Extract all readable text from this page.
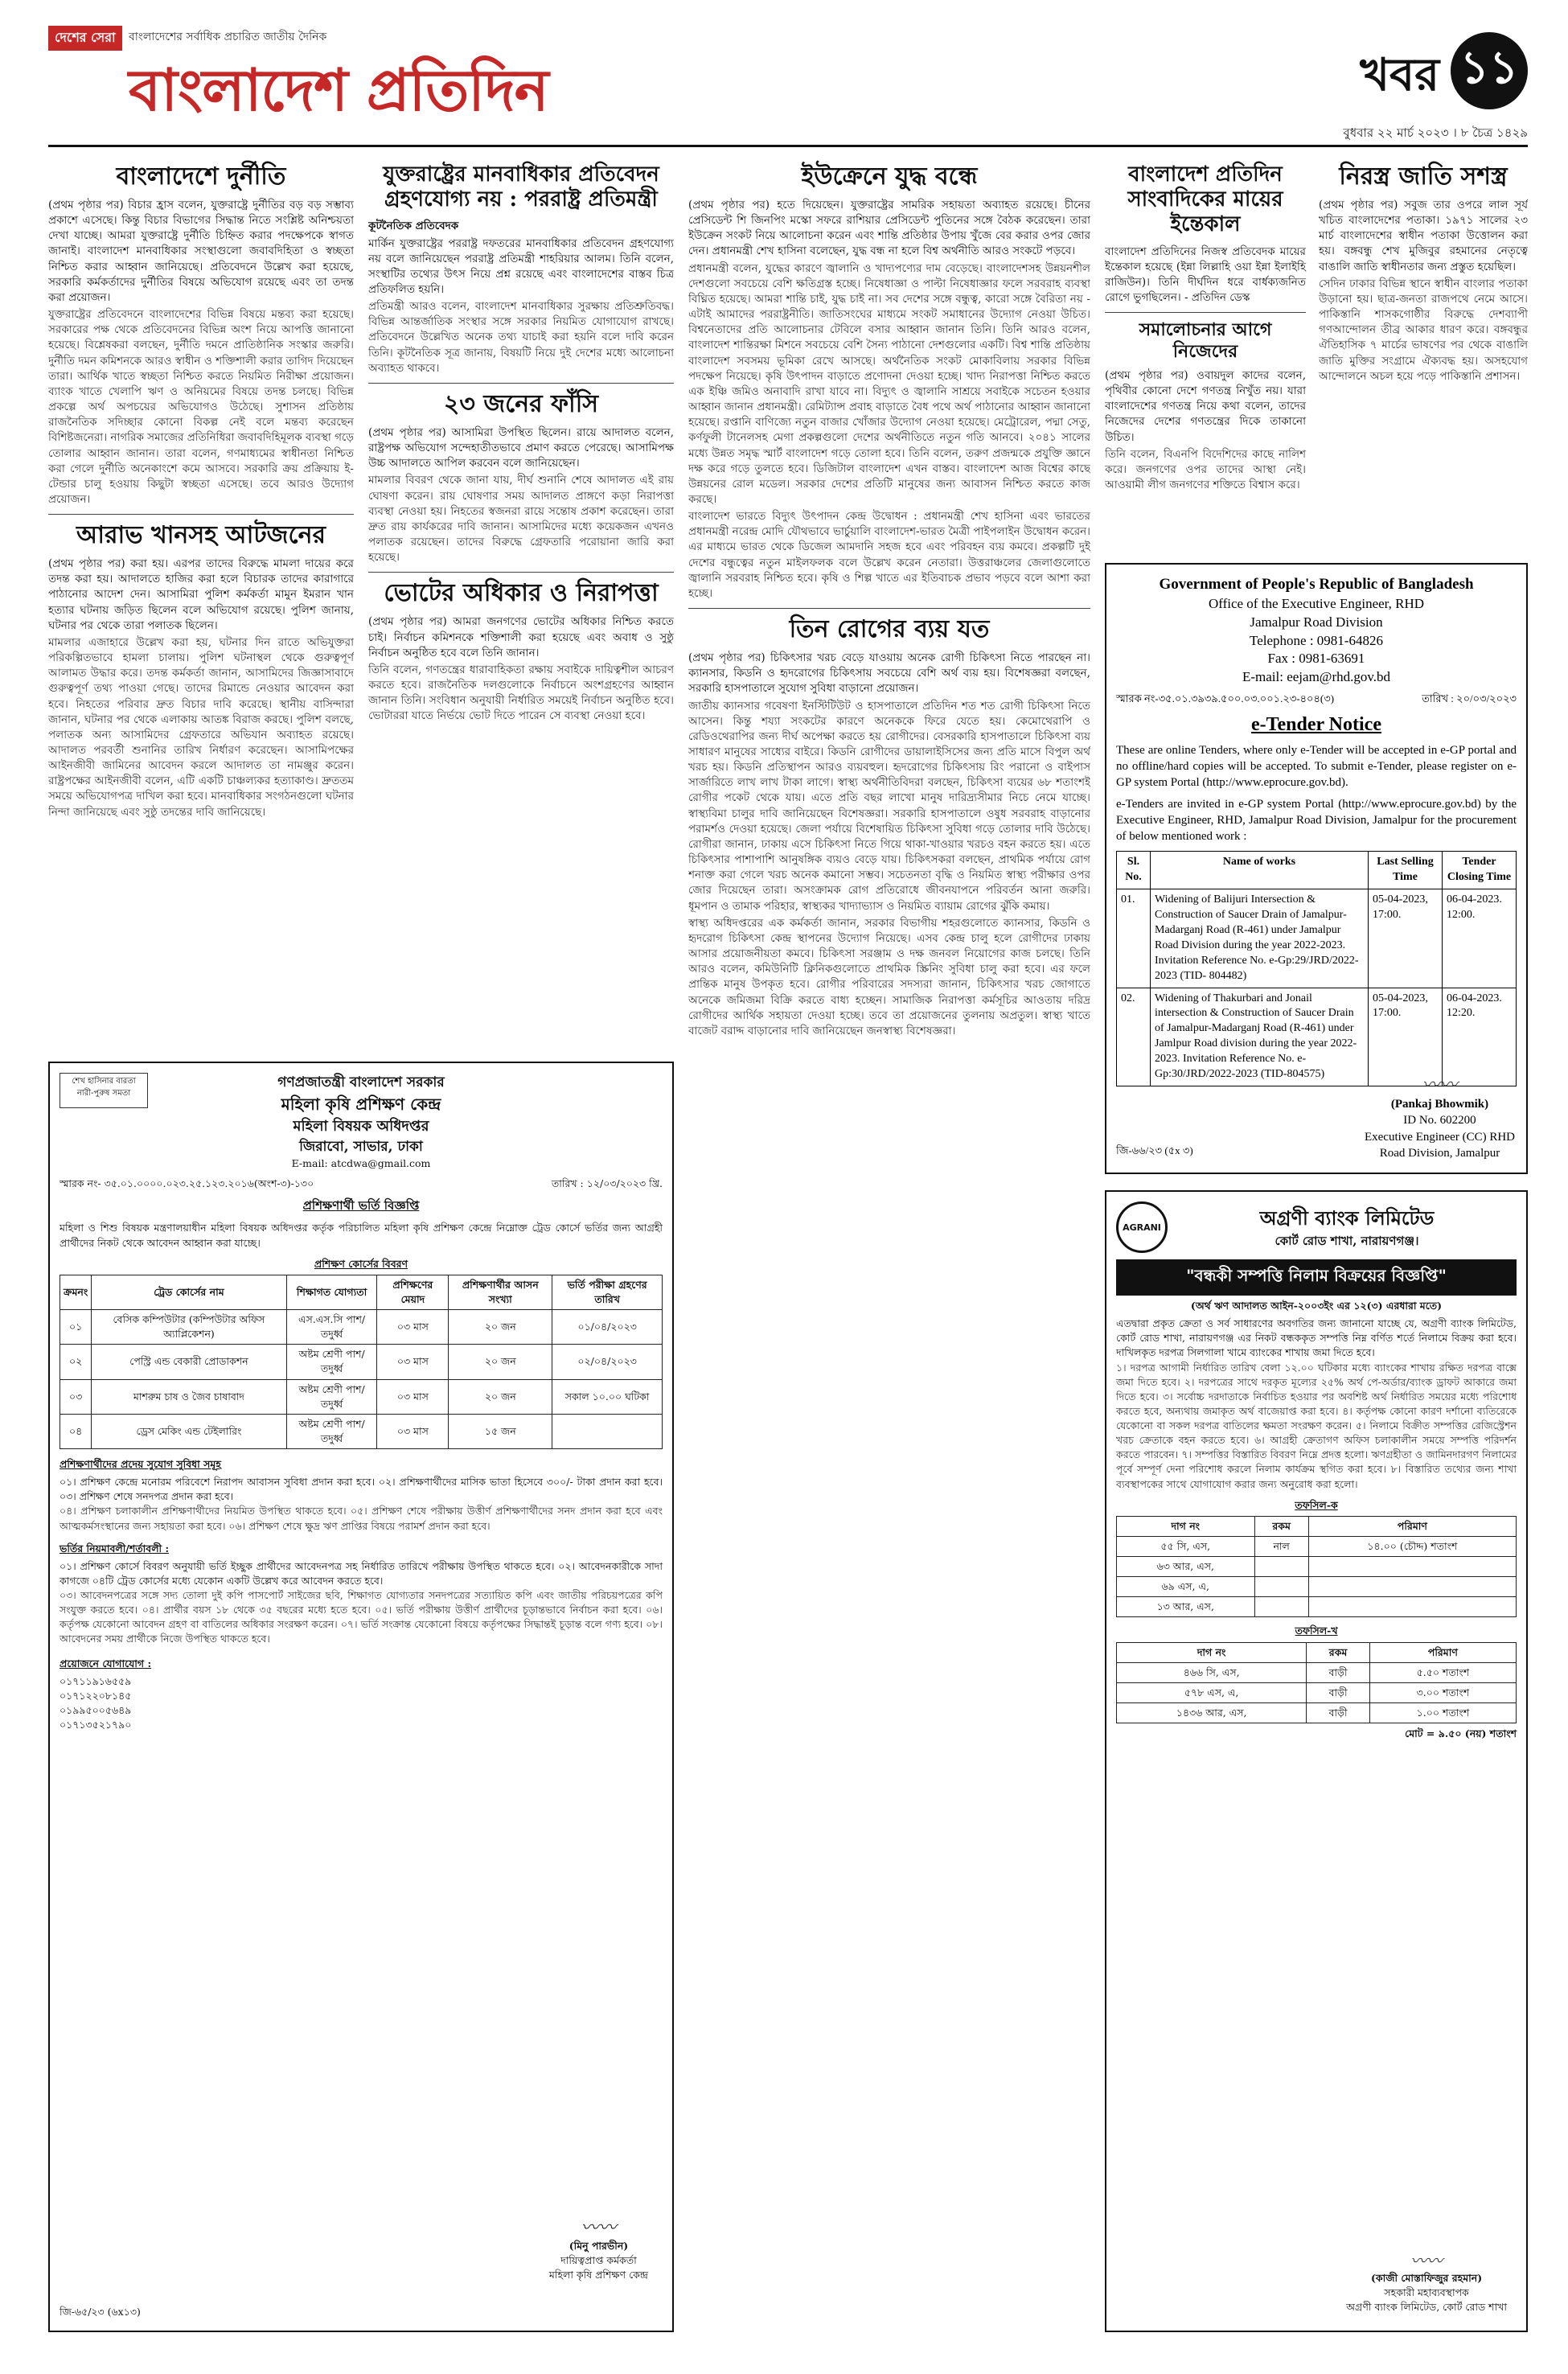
দেশের সেরা	বাংলাদেশের সর্বাধিক প্রচারিত জাতীয় দৈনিক
বাংলাদেশ প্রতিদিন	খবর ১১
বুধবার ২২ মার্চ ২০২৩ । ৮ চৈত্র ১৪২৯
বাংলাদেশে দুর্নীতি

(প্রথম পৃষ্ঠার পর) বিচার হ্রাস বলেন, যুক্তরাষ্ট্রে দুর্নীতির বড় বড় সম্ভাব্য প্রকাশে এসেছে। কিন্তু বিচার বিভাগের সিদ্ধান্ত নিতে সংশ্লিষ্ট অনিশ্চয়তা দেখা যাচ্ছে। আমরা যুক্তরাষ্ট্রে দুর্নীতি চিহ্নিত করার পদক্ষেপকে স্বাগত জানাই। বাংলাদেশ মানবাধিকার সংস্থাগুলো জবাবদিহিতা ও স্বচ্ছতা নিশ্চিত করার আহ্বান জানিয়েছে। প্রতিবেদনে উল্লেখ করা হয়েছে, সরকারি কর্মকর্তাদের দুর্নীতির বিষয়ে অভিযোগ রয়েছে এবং তা তদন্ত করা প্রয়োজন।

যুক্তরাষ্ট্রের প্রতিবেদনে বাংলাদেশের বিভিন্ন বিষয়ে মন্তব্য করা হয়েছে। সরকারের পক্ষ থেকে প্রতিবেদনের বিভিন্ন অংশ নিয়ে আপত্তি জানানো হয়েছে। বিশ্লেষকরা বলছেন, দুর্নীতি দমনে প্রাতিষ্ঠানিক সংস্কার জরুরি। দুর্নীতি দমন কমিশনকে আরও স্বাধীন ও শক্তিশালী করার তাগিদ দিয়েছেন তারা। আর্থিক খাতে স্বচ্ছতা নিশ্চিত করতে নিয়মিত নিরীক্ষা প্রয়োজন। ব্যাংক খাতে খেলাপি ঋণ ও অনিয়মের বিষয়ে তদন্ত চলছে। বিভিন্ন প্রকল্পে অর্থ অপচয়ের অভিযোগও উঠেছে। সুশাসন প্রতিষ্ঠায় রাজনৈতিক সদিচ্ছার কোনো বিকল্প নেই বলে মন্তব্য করেছেন বিশিষ্টজনেরা। নাগরিক সমাজের প্রতিনিধিরা জবাবদিহিমূলক ব্যবস্থা গড়ে তোলার আহ্বান জানান। তারা বলেন, গণমাধ্যমের স্বাধীনতা নিশ্চিত করা গেলে দুর্নীতি অনেকাংশে কমে আসবে। সরকারি ক্রয় প্রক্রিয়ায় ই-টেন্ডার চালু হওয়ায় কিছুটা স্বচ্ছতা এসেছে। তবে আরও উদ্যোগ প্রয়োজন।

আরাভ খানসহ আটজনের

(প্রথম পৃষ্ঠার পর) করা হয়। এরপর তাদের বিরুদ্ধে মামলা দায়ের করে তদন্ত করা হয়। আদালতে হাজির করা হলে বিচারক তাদের কারাগারে পাঠানোর আদেশ দেন। আসামিরা পুলিশ কর্মকর্তা মামুন ইমরান খান হত্যার ঘটনায় জড়িত ছিলেন বলে অভিযোগ রয়েছে। পুলিশ জানায়, ঘটনার পর থেকে তারা পলাতক ছিলেন।

মামলার এজাহারে উল্লেখ করা হয়, ঘটনার দিন রাতে অভিযুক্তরা পরিকল্পিতভাবে হামলা চালায়। পুলিশ ঘটনাস্থল থেকে গুরুত্বপূর্ণ আলামত উদ্ধার করে। তদন্ত কর্মকর্তা জানান, আসামিদের জিজ্ঞাসাবাদে গুরুত্বপূর্ণ তথ্য পাওয়া গেছে। তাদের রিমান্ডে নেওয়ার আবেদন করা হবে। নিহতের পরিবার দ্রুত বিচার দাবি করেছে। স্থানীয় বাসিন্দারা জানান, ঘটনার পর থেকে এলাকায় আতঙ্ক বিরাজ করছে। পুলিশ বলছে, পলাতক অন্য আসামিদের গ্রেফতারে অভিযান অব্যাহত রয়েছে। আদালত পরবর্তী শুনানির তারিখ নির্ধারণ করেছেন। আসামিপক্ষের আইনজীবী জামিনের আবেদন করলে আদালত তা নামঞ্জুর করেন। রাষ্ট্রপক্ষের আইনজীবী বলেন, এটি একটি চাঞ্চল্যকর হত্যাকাণ্ড। দ্রুততম সময়ে অভিযোগপত্র দাখিল করা হবে। মানবাধিকার সংগঠনগুলো ঘটনার নিন্দা জানিয়েছে এবং সুষ্ঠু তদন্তের দাবি জানিয়েছে।

যুক্তরাষ্ট্রের মানবাধিকার প্রতিবেদন গ্রহণযোগ্য নয় : পররাষ্ট্র প্রতিমন্ত্রী

কূটনৈতিক প্রতিবেদক

মার্কিন যুক্তরাষ্ট্রের পররাষ্ট্র দফতরের মানবাধিকার প্রতিবেদন গ্রহণযোগ্য নয় বলে জানিয়েছেন পররাষ্ট্র প্রতিমন্ত্রী শাহরিয়ার আলম। তিনি বলেন, সংস্থাটির তথ্যের উৎস নিয়ে প্রশ্ন রয়েছে এবং বাংলাদেশের বাস্তব চিত্র প্রতিফলিত হয়নি।

প্রতিমন্ত্রী আরও বলেন, বাংলাদেশ মানবাধিকার সুরক্ষায় প্রতিশ্রুতিবদ্ধ। বিভিন্ন আন্তর্জাতিক সংস্থার সঙ্গে সরকার নিয়মিত যোগাযোগ রাখছে। প্রতিবেদনে উল্লেখিত অনেক তথ্য যাচাই করা হয়নি বলে দাবি করেন তিনি। কূটনৈতিক সূত্র জানায়, বিষয়টি নিয়ে দুই দেশের মধ্যে আলোচনা অব্যাহত থাকবে।

২৩ জনের ফাঁসি

(প্রথম পৃষ্ঠার পর) আসামিরা উপস্থিত ছিলেন। রায়ে আদালত বলেন, রাষ্ট্রপক্ষ অভিযোগ সন্দেহাতীতভাবে প্রমাণ করতে পেরেছে। আসামিপক্ষ উচ্চ আদালতে আপিল করবেন বলে জানিয়েছেন।

মামলার বিবরণ থেকে জানা যায়, দীর্ঘ শুনানি শেষে আদালত এই রায় ঘোষণা করেন। রায় ঘোষণার সময় আদালত প্রাঙ্গণে কড়া নিরাপত্তা ব্যবস্থা নেওয়া হয়। নিহতের স্বজনরা রায়ে সন্তোষ প্রকাশ করেছেন। তারা দ্রুত রায় কার্যকরের দাবি জানান। আসামিদের মধ্যে কয়েকজন এখনও পলাতক রয়েছেন। তাদের বিরুদ্ধে গ্রেফতারি পরোয়ানা জারি করা হয়েছে।

ভোটের অধিকার ও নিরাপত্তা

(প্রথম পৃষ্ঠার পর) আমরা জনগণের ভোটের অধিকার নিশ্চিত করতে চাই। নির্বাচন কমিশনকে শক্তিশালী করা হয়েছে এবং অবাধ ও সুষ্ঠু নির্বাচন অনুষ্ঠিত হবে বলে তিনি জানান।

তিনি বলেন, গণতন্ত্রের ধারাবাহিকতা রক্ষায় সবাইকে দায়িত্বশীল আচরণ করতে হবে। রাজনৈতিক দলগুলোকে নির্বাচনে অংশগ্রহণের আহ্বান জানান তিনি। সংবিধান অনুযায়ী নির্ধারিত সময়েই নির্বাচন অনুষ্ঠিত হবে। ভোটাররা যাতে নির্ভয়ে ভোট দিতে পারেন সে ব্যবস্থা নেওয়া হবে।

ইউক্রেনে যুদ্ধ বন্ধে

(প্রথম পৃষ্ঠার পর) হতে দিয়েছেন। যুক্তরাষ্ট্রের সামরিক সহায়তা অব্যাহত রয়েছে। চীনের প্রেসিডেন্ট শি জিনপিং মস্কো সফরে রাশিয়ার প্রেসিডেন্ট পুতিনের সঙ্গে বৈঠক করেছেন। তারা ইউক্রেন সংকট নিয়ে আলোচনা করেন এবং শান্তি প্রতিষ্ঠার উপায় খুঁজে বের করার ওপর জোর দেন। প্রধানমন্ত্রী শেখ হাসিনা বলেছেন, যুদ্ধ বন্ধ না হলে বিশ্ব অর্থনীতি আরও সংকটে পড়বে।

প্রধানমন্ত্রী বলেন, যুদ্ধের কারণে জ্বালানি ও খাদ্যপণ্যের দাম বেড়েছে। বাংলাদেশসহ উন্নয়নশীল দেশগুলো সবচেয়ে বেশি ক্ষতিগ্রস্ত হচ্ছে। নিষেধাজ্ঞা ও পাল্টা নিষেধাজ্ঞার ফলে সরবরাহ ব্যবস্থা বিঘ্নিত হয়েছে। আমরা শান্তি চাই, যুদ্ধ চাই না। সব দেশের সঙ্গে বন্ধুত্ব, কারো সঙ্গে বৈরিতা নয় - এটাই আমাদের পররাষ্ট্রনীতি। জাতিসংঘের মাধ্যমে সংকট সমাধানের উদ্যোগ নেওয়া উচিত। বিশ্বনেতাদের প্রতি আলোচনার টেবিলে বসার আহ্বান জানান তিনি। তিনি আরও বলেন, বাংলাদেশ শান্তিরক্ষা মিশনে সবচেয়ে বেশি সৈন্য পাঠানো দেশগুলোর একটি। বিশ্ব শান্তি প্রতিষ্ঠায় বাংলাদেশ সবসময় ভূমিকা রেখে আসছে। অর্থনৈতিক সংকট মোকাবিলায় সরকার বিভিন্ন পদক্ষেপ নিয়েছে। কৃষি উৎপাদন বাড়াতে প্রণোদনা দেওয়া হচ্ছে। খাদ্য নিরাপত্তা নিশ্চিত করতে এক ইঞ্চি জমিও অনাবাদি রাখা যাবে না। বিদ্যুৎ ও জ্বালানি সাশ্রয়ে সবাইকে সচেতন হওয়ার আহ্বান জানান প্রধানমন্ত্রী। রেমিট্যান্স প্রবাহ বাড়াতে বৈধ পথে অর্থ পাঠানোর আহ্বান জানানো হয়েছে। রপ্তানি বাণিজ্যে নতুন বাজার খোঁজার উদ্যোগ নেওয়া হয়েছে। মেট্রোরেল, পদ্মা সেতু, কর্ণফুলী টানেলসহ মেগা প্রকল্পগুলো দেশের অর্থনীতিতে নতুন গতি আনবে। ২০৪১ সালের মধ্যে উন্নত সমৃদ্ধ স্মার্ট বাংলাদেশ গড়ে তোলা হবে। তিনি বলেন, তরুণ প্রজন্মকে প্রযুক্তি জ্ঞানে দক্ষ করে গড়ে তুলতে হবে। ডিজিটাল বাংলাদেশ এখন বাস্তব। বাংলাদেশ আজ বিশ্বের কাছে উন্নয়নের রোল মডেল। সরকার দেশের প্রতিটি মানুষের জন্য আবাসন নিশ্চিত করতে কাজ করছে।

বাংলাদেশ ভারতে বিদ্যুৎ উৎপাদন কেন্দ্র উদ্বোধন : প্রধানমন্ত্রী শেখ হাসিনা এবং ভারতের প্রধানমন্ত্রী নরেন্দ্র মোদি যৌথভাবে ভার্চুয়ালি বাংলাদেশ-ভারত মৈত্রী পাইপলাইন উদ্বোধন করেন। এর মাধ্যমে ভারত থেকে ডিজেল আমদানি সহজ হবে এবং পরিবহন ব্যয় কমবে। প্রকল্পটি দুই দেশের বন্ধুত্বের নতুন মাইলফলক বলে উল্লেখ করেন নেতারা। উত্তরাঞ্চলের জেলাগুলোতে জ্বালানি সরবরাহ নিশ্চিত হবে। কৃষি ও শিল্প খাতে এর ইতিবাচক প্রভাব পড়বে বলে আশা করা হচ্ছে।

তিন রোগের ব্যয় যত

(প্রথম পৃষ্ঠার পর) চিকিৎসার খরচ বেড়ে যাওয়ায় অনেক রোগী চিকিৎসা নিতে পারছেন না। ক্যানসার, কিডনি ও হৃদরোগের চিকিৎসায় সবচেয়ে বেশি অর্থ ব্যয় হয়। বিশেষজ্ঞরা বলছেন, সরকারি হাসপাতালে সুযোগ সুবিধা বাড়ানো প্রয়োজন।

জাতীয় ক্যানসার গবেষণা ইনস্টিটিউট ও হাসপাতালে প্রতিদিন শত শত রোগী চিকিৎসা নিতে আসেন। কিন্তু শয্যা সংকটের কারণে অনেককে ফিরে যেতে হয়। কেমোথেরাপি ও রেডিওথেরাপির জন্য দীর্ঘ অপেক্ষা করতে হয় রোগীদের। বেসরকারি হাসপাতালে চিকিৎসা ব্যয় সাধারণ মানুষের সাধ্যের বাইরে। কিডনি রোগীদের ডায়ালাইসিসের জন্য প্রতি মাসে বিপুল অর্থ খরচ হয়। কিডনি প্রতিস্থাপন আরও ব্যয়বহুল। হৃদরোগের চিকিৎসায় রিং পরানো ও বাইপাস সার্জারিতে লাখ লাখ টাকা লাগে। স্বাস্থ্য অর্থনীতিবিদরা বলছেন, চিকিৎসা ব্যয়ের ৬৮ শতাংশই রোগীর পকেট থেকে যায়। এতে প্রতি বছর লাখো মানুষ দারিদ্র্যসীমার নিচে নেমে যাচ্ছে। স্বাস্থ্যবিমা চালুর দাবি জানিয়েছেন বিশেষজ্ঞরা। সরকারি হাসপাতালে ওষুধ সরবরাহ বাড়ানোর পরামর্শও দেওয়া হয়েছে। জেলা পর্যায়ে বিশেষায়িত চিকিৎসা সুবিধা গড়ে তোলার দাবি উঠেছে। রোগীরা জানান, ঢাকায় এসে চিকিৎসা নিতে গিয়ে থাকা-খাওয়ার খরচও বহন করতে হয়। এতে চিকিৎসার পাশাপাশি আনুষঙ্গিক ব্যয়ও বেড়ে যায়। চিকিৎসকরা বলছেন, প্রাথমিক পর্যায়ে রোগ শনাক্ত করা গেলে খরচ অনেক কমানো সম্ভব। সচেতনতা বৃদ্ধি ও নিয়মিত স্বাস্থ্য পরীক্ষার ওপর জোর দিয়েছেন তারা। অসংক্রামক রোগ প্রতিরোধে জীবনযাপনে পরিবর্তন আনা জরুরি। ধূমপান ও তামাক পরিহার, স্বাস্থ্যকর খাদ্যাভ্যাস ও নিয়মিত ব্যায়াম রোগের ঝুঁকি কমায়।

স্বাস্থ্য অধিদপ্তরের এক কর্মকর্তা জানান, সরকার বিভাগীয় শহরগুলোতে ক্যানসার, কিডনি ও হৃদরোগ চিকিৎসা কেন্দ্র স্থাপনের উদ্যোগ নিয়েছে। এসব কেন্দ্র চালু হলে রোগীদের ঢাকায় আসার প্রয়োজনীয়তা কমবে। চিকিৎসা সরঞ্জাম ও দক্ষ জনবল নিয়োগের কাজ চলছে। তিনি আরও বলেন, কমিউনিটি ক্লিনিকগুলোতে প্রাথমিক স্ক্রিনিং সুবিধা চালু করা হবে। এর ফলে প্রান্তিক মানুষ উপকৃত হবে। রোগীর পরিবারের সদস্যরা জানান, চিকিৎসার খরচ জোগাতে অনেকে জমিজমা বিক্রি করতে বাধ্য হচ্ছেন। সামাজিক নিরাপত্তা কর্মসূচির আওতায় দরিদ্র রোগীদের আর্থিক সহায়তা দেওয়া হচ্ছে। তবে তা প্রয়োজনের তুলনায় অপ্রতুল। স্বাস্থ্য খাতে বাজেট বরাদ্দ বাড়ানোর দাবি জানিয়েছেন জনস্বাস্থ্য বিশেষজ্ঞরা।

বাংলাদেশ প্রতিদিন সাংবাদিকের মায়ের ইন্তেকাল

বাংলাদেশ প্রতিদিনের নিজস্ব প্রতিবেদক মায়ের ইন্তেকাল হয়েছে (ইন্না লিল্লাহি ওয়া ইন্না ইলাইহি রাজিউন)। তিনি দীর্ঘদিন ধরে বার্ধক্যজনিত রোগে ভুগছিলেন। - প্রতিদিন ডেস্ক

সমালোচনার আগে নিজেদের

(প্রথম পৃষ্ঠার পর) ওবায়দুল কাদের বলেন, পৃথিবীর কোনো দেশে গণতন্ত্র নিখুঁত নয়। যারা বাংলাদেশের গণতন্ত্র নিয়ে কথা বলেন, তাদের নিজেদের দেশের গণতন্ত্রের দিকে তাকানো উচিত।

তিনি বলেন, বিএনপি বিদেশিদের কাছে নালিশ করে। জনগণের ওপর তাদের আস্থা নেই। আওয়ামী লীগ জনগণের শক্তিতে বিশ্বাস করে।

নিরস্ত্র জাতি সশস্ত্র

(প্রথম পৃষ্ঠার পর) সবুজ তার ওপরে লাল সূর্য খচিত বাংলাদেশের পতাকা। ১৯৭১ সালের ২৩ মার্চ বাংলাদেশের স্বাধীন পতাকা উত্তোলন করা হয়। বঙ্গবন্ধু শেখ মুজিবুর রহমানের নেতৃত্বে বাঙালি জাতি স্বাধীনতার জন্য প্রস্তুত হয়েছিল।

সেদিন ঢাকার বিভিন্ন স্থানে স্বাধীন বাংলার পতাকা উড়ানো হয়। ছাত্র-জনতা রাজপথে নেমে আসে। পাকিস্তানি শাসকগোষ্ঠীর বিরুদ্ধে দেশব্যাপী গণআন্দোলন তীব্র আকার ধারণ করে। বঙ্গবন্ধুর ঐতিহাসিক ৭ মার্চের ভাষণের পর থেকে বাঙালি জাতি মুক্তির সংগ্রামে ঐক্যবদ্ধ হয়। অসহযোগ আন্দোলনে অচল হয়ে পড়ে পাকিস্তানি প্রশাসন।

Government of People's Republic of Bangladesh
Office of the Executive Engineer, RHD
Jamalpur Road Division
Telephone : 0981-64826
Fax : 0981-63691
E-mail: eejam@rhd.gov.bd
স্মারক নং-৩৫.০১.৩৯৩৯.৫০০.০৩.০০১.২৩-৪০৪(৩)	তারিখ : ২০/০৩/২০২৩
e-Tender Notice

These are online Tenders, where only e-Tender will be accepted in e-GP portal and no offline/hard copies will be accepted. To submit e-Tender, please register on e-GP system Portal (http://www.eprocure.gov.bd).

e-Tenders are invited in e-GP system Portal (http://www.eprocure.gov.bd) by the Executive Engineer, RHD, Jamalpur Road Division, Jamalpur for the procurement of below mentioned work :

Sl. No.	Name of works	Last Selling Time	Tender Closing Time
01.	Widening of Balijuri Intersection & Construction of Saucer Drain of Jamalpur-Madarganj Road (R-461) under Jamalpur Road Division during the year 2022-2023. Invitation Reference No. e-Gp:29/JRD/2022-2023 (TID- 804482)	05-04-2023, 17:00.	06-04-2023. 12:00.
02.	Widening of Thakurbari and Jonail intersection & Construction of Saucer Drain of Jamalpur-Madarganj Road (R-461) under Jamlpur Road division during the year 2022-2023. Invitation Reference No. e-Gp:30/JRD/2022-2023 (TID-804575)	05-04-2023, 17:00.	06-04-2023. 12:20.
〰〰
(Pankaj Bhowmik)
ID No. 602200
Executive Engineer (CC) RHD
Road Division, Jamalpur
জি-৬৬/২৩ (৫x ৩)
শেখ হাসিনার বারতা নারী-পুরুষ সমতা
গণপ্রজাতন্ত্রী বাংলাদেশ সরকার
মহিলা কৃষি প্রশিক্ষণ কেন্দ্র
মহিলা বিষয়ক অধিদপ্তর
জিরাবো, সাভার, ঢাকা
E-mail: atcdwa@gmail.com
স্মারক নং- ৩৫.০১.০০০০.০২৩.২৫.১২৩.২০১৬(অংশ-৩)-১৩০	তারিখ : ১২/০৩/২০২৩ খ্রি.
প্রশিক্ষণার্থী ভর্তি বিজ্ঞপ্তি

মহিলা ও শিশু বিষয়ক মন্ত্রণালয়াধীন মহিলা বিষয়ক অধিদপ্তর কর্তৃক পরিচালিত মহিলা কৃষি প্রশিক্ষণ কেন্দ্রে নিম্নোক্ত ট্রেড কোর্সে ভর্তির জন্য আগ্রহী প্রার্থীদের নিকট থেকে আবেদন আহ্বান করা যাচ্ছে।

প্রশিক্ষণ কোর্সের বিবরণ
ক্রমনং	ট্রেড কোর্সের নাম	শিক্ষাগত যোগ্যতা	প্রশিক্ষণের মেয়াদ	প্রশিক্ষণার্থীর আসন সংখ্যা	ভর্তি পরীক্ষা গ্রহণের তারিখ
০১	বেসিক কম্পিউটার (কম্পিউটার অফিস অ্যাপ্লিকেশন)	এস.এস.সি পাশ/তদুর্ধ্ব	০৩ মাস	২০ জন	০১/০৪/২০২৩
০২	পেস্ট্রি এন্ড বেকারী প্রোডাকশন	অষ্টম শ্রেণী পাশ/তদুর্ধ্ব	০৩ মাস	২০ জন	০২/০৪/২০২৩
০৩	মাশরুম চাষ ও জৈব চাষাবাদ	অষ্টম শ্রেণী পাশ/তদুর্ধ্ব	০৩ মাস	২০ জন	সকাল ১০.০০ ঘটিকা
০৪	ড্রেস মেকিং এন্ড টেইলারিং	অষ্টম শ্রেণী পাশ/তদুর্ধ্ব	০৩ মাস	১৫ জন	
প্রশিক্ষণার্থীদের প্রদেয় সুযোগ সুবিধা সমূহ

০১। প্রশিক্ষণ কেন্দ্রে মনোরম পরিবেশে নিরাপদ আবাসন সুবিধা প্রদান করা হবে। ০২। প্রশিক্ষণার্থীদের মাসিক ভাতা হিসেবে ৩০০/- টাকা প্রদান করা হবে। ০৩। প্রশিক্ষণ শেষে সনদপত্র প্রদান করা হবে।

০৪। প্রশিক্ষণ চলাকালীন প্রশিক্ষণার্থীদের নিয়মিত উপস্থিত থাকতে হবে। ০৫। প্রশিক্ষণ শেষে পরীক্ষায় উত্তীর্ণ প্রশিক্ষণার্থীদের সনদ প্রদান করা হবে এবং আত্মকর্মসংস্থানের জন্য সহায়তা করা হবে। ০৬। প্রশিক্ষণ শেষে ক্ষুদ্র ঋণ প্রাপ্তির বিষয়ে পরামর্শ প্রদান করা হবে।

ভর্তির নিয়মাবলী/শর্তাবলী :

০১। প্রশিক্ষণ কোর্সে বিবরণ অনুযায়ী ভর্তি ইচ্ছুক প্রার্থীদের আবেদনপত্র সহ নির্ধারিত তারিখে পরীক্ষায় উপস্থিত থাকতে হবে। ০২। আবেদনকারীকে সাদা কাগজে ০৪টি ট্রেড কোর্সের মধ্যে যেকোন একটি উল্লেখ করে আবেদন করতে হবে।

০৩। আবেদনপত্রের সঙ্গে সদ্য তোলা দুই কপি পাসপোর্ট সাইজের ছবি, শিক্ষাগত যোগ্যতার সনদপত্রের সত্যায়িত কপি এবং জাতীয় পরিচয়পত্রের কপি সংযুক্ত করতে হবে। ০৪। প্রার্থীর বয়স ১৮ থেকে ৩৫ বছরের মধ্যে হতে হবে। ০৫। ভর্তি পরীক্ষায় উত্তীর্ণ প্রার্থীদের চূড়ান্তভাবে নির্বাচন করা হবে। ০৬। কর্তৃপক্ষ যেকোনো আবেদন গ্রহণ বা বাতিলের অধিকার সংরক্ষণ করেন। ০৭। ভর্তি সংক্রান্ত যেকোনো বিষয়ে কর্তৃপক্ষের সিদ্ধান্তই চূড়ান্ত বলে গণ্য হবে। ০৮। আবেদনের সময় প্রার্থীকে নিজে উপস্থিত থাকতে হবে।

প্রয়োজনে যোগাযোগ :
০১৭১১৯১৬৫৫৯
০১৭১২২০৮১৪৫
০১৯৯৫০০৫৬৪৯
০১৭১৩৫২১৭৯০
〰〰
(মিনু পারভীন)
দায়িত্বপ্রাপ্ত কর্মকর্তা
মহিলা কৃষি প্রশিক্ষণ কেন্দ্র
জি-৬৫/২৩ (৬x১৩)
AGRANI	অগ্রণী ব্যাংক লিমিটেড
কোর্ট রোড শাখা, নারায়ণগঞ্জ।
"বন্ধকী সম্পত্তি নিলাম বিক্রয়ের বিজ্ঞপ্তি"
(অর্থ ঋণ আদালত আইন-২০০৩ইং এর ১২(৩) এরধারা মতে)

এতদ্বারা প্রকৃত ক্রেতা ও সর্ব সাধারণের অবগতির জন্য জানানো যাচ্ছে যে, অগ্রণী ব্যাংক লিমিটেড, কোর্ট রোড শাখা, নারায়ণগঞ্জ এর নিকট বন্ধককৃত সম্পত্তি নিম্ন বর্ণিত শর্তে নিলামে বিক্রয় করা হবে। দাখিলকৃত দরপত্র সিলগালা খামে ব্যাংকের শাখায় জমা দিতে হবে।

১। দরপত্র আগামী নির্ধারিত তারিখ বেলা ১২.০০ ঘটিকার মধ্যে ব্যাংকের শাখায় রক্ষিত দরপত্র বাক্সে জমা দিতে হবে। ২। দরপত্রের সাথে দরকৃত মূল্যের ২৫% অর্থ পে-অর্ডার/ব্যাংক ড্রাফট আকারে জমা দিতে হবে। ৩। সর্বোচ্চ দরদাতাকে নির্বাচিত হওয়ার পর অবশিষ্ট অর্থ নির্ধারিত সময়ের মধ্যে পরিশোধ করতে হবে, অন্যথায় জমাকৃত অর্থ বাজেয়াপ্ত করা হবে। ৪। কর্তৃপক্ষ কোনো কারণ দর্শানো ব্যতিরেকে যেকোনো বা সকল দরপত্র বাতিলের ক্ষমতা সংরক্ষণ করেন। ৫। নিলামে বিক্রীত সম্পত্তির রেজিস্ট্রেশন খরচ ক্রেতাকে বহন করতে হবে। ৬। আগ্রহী ক্রেতাগণ অফিস চলাকালীন সময়ে সম্পত্তি পরিদর্শন করতে পারবেন। ৭। সম্পত্তির বিস্তারিত বিবরণ নিম্নে প্রদত্ত হলো। ঋণগ্রহীতা ও জামিনদারগণ নিলামের পূর্বে সম্পূর্ণ দেনা পরিশোধ করলে নিলাম কার্যক্রম স্থগিত করা হবে। ৮। বিস্তারিত তথ্যের জন্য শাখা ব্যবস্থাপকের সাথে যোগাযোগ করার জন্য অনুরোধ করা হলো।

তফসিল-ক
দাগ নং	রকম	পরিমাণ
৫৫ সি, এস,	নাল	১৪.০০ (চৌদ্দ) শতাংশ
৬৩ আর, এস,		
৬৯ এস, এ,		
১৩ আর, এস,		
তফসিল-খ
দাগ নং	রকম	পরিমাণ
৪৬৬ সি, এস,	বাড়ী	৫.৫০ শতাংশ
৫৭৮ এস, এ,	বাড়ী	৩.০০ শতাংশ
১৪৩৬ আর, এস,	বাড়ী	১.০০ শতাংশ
মোট = ৯.৫০ (নয়) শতাংশ
〰〰
(কাজী মোস্তাফিজুর রহমান)
সহকারী মহাব্যবস্থাপক
অগ্রণী ব্যাংক লিমিটেড, কোর্ট রোড শাখা
